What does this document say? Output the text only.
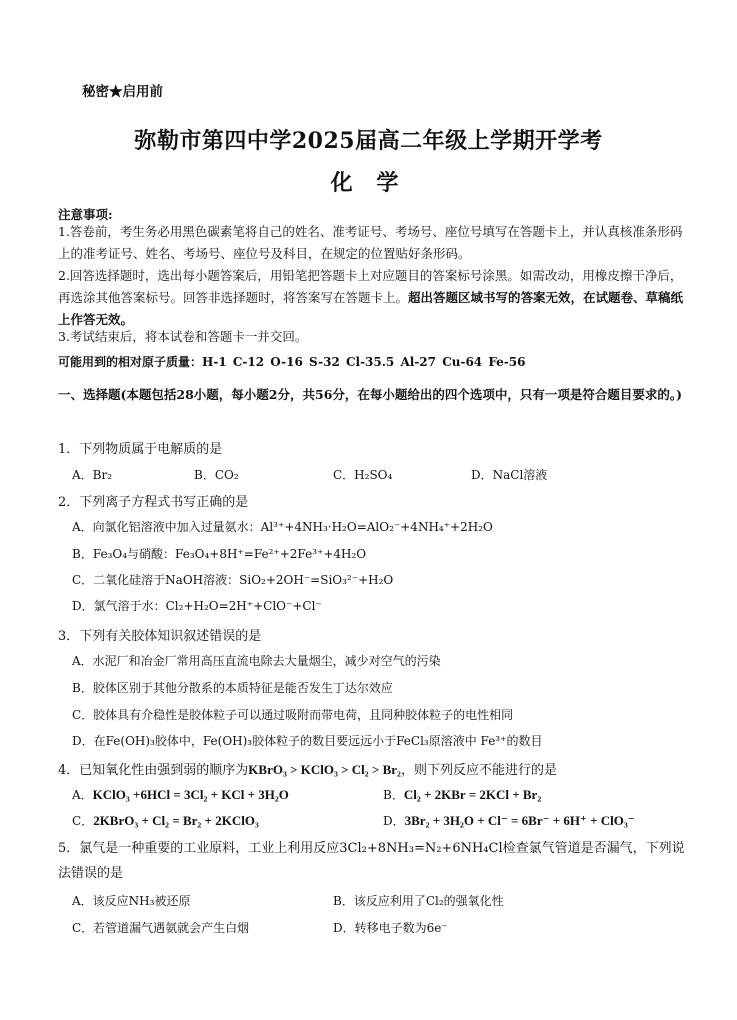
秘密★启用前
弥勒市第四中学2025届高二年级上学期开学考
化 学
注意事项:
1.答卷前，考生务必用黑色碳素笔将自己的姓名、准考证号、考场号、座位号填写在答题卡上，并认真核准条形码上的准考证号、姓名、考场号、座位号及科目，在规定的位置贴好条形码。
2.回答选择题时，选出每小题答案后，用铅笔把答题卡上对应题目的答案标号涂黑。如需改动，用橡皮擦干净后，再选涂其他答案标号。回答非选择题时，将答案写在答题卡上。超出答题区域书写的答案无效，在试题卷、草稿纸上作答无效。
3.考试结束后，将本试卷和答题卡一并交回。
可能用到的相对原子质量：H-1 C-12 O-16 S-32 Cl-35.5 Al-27 Cu-64 Fe-56
一、选择题(本题包括28小题，每小题2分，共56分，在每小题给出的四个选项中，只有一项是符合题目要求的。)
1．下列物质属于电解质的是
A．Br₂	B．CO₂	C．H₂SO₄	D．NaCl溶液
2．下列离子方程式书写正确的是
A．向氯化铝溶液中加入过量氨水：Al³⁺+4NH₃·H₂O=AlO₂⁻+4NH₄⁺+2H₂O
B．Fe₃O₄与硝酸：Fe₃O₄+8H⁺=Fe²⁺+2Fe³⁺+4H₂O
C．二氧化硅溶于NaOH溶液：SiO₂+2OH⁻=SiO₃²⁻+H₂O
D．氯气溶于水：Cl₂+H₂O=2H⁺+ClO⁻+Cl⁻
3．下列有关胶体知识叙述错误的是
A．水泥厂和冶金厂常用高压直流电除去大量烟尘，减少对空气的污染
B．胶体区别于其他分散系的本质特征是能否发生丁达尔效应
C．胶体具有介稳性是胶体粒子可以通过吸附而带电荷，且同种胶体粒子的电性相同
D．在Fe(OH)₃胶体中，Fe(OH)₃胶体粒子的数目要远远小于FeCl₃原溶液中 Fe³⁺的数目
4．已知氧化性由强到弱的顺序为KBrO₃ > KClO₃ > Cl₂ > Br₂，则下列反应不能进行的是
A．KClO₃ +6HCl = 3Cl₂ + KCl + 3H₂O	B．Cl₂ + 2KBr = 2KCl + Br₂
C．2KBrO₃ + Cl₂ = Br₂ + 2KClO₃	D．3Br₂ + 3H₂O + Cl⁻ = 6Br⁻ + 6H⁺ + ClO₃⁻
5．氯气是一种重要的工业原料，工业上利用反应3Cl₂+8NH₃=N₂+6NH₄Cl检查氯气管道是否漏气，下列说法错误的是
A．该反应NH₃被还原	B．该反应利用了Cl₂的强氧化性
C．若管道漏气遇氨就会产生白烟	D．转移电子数为6e⁻
